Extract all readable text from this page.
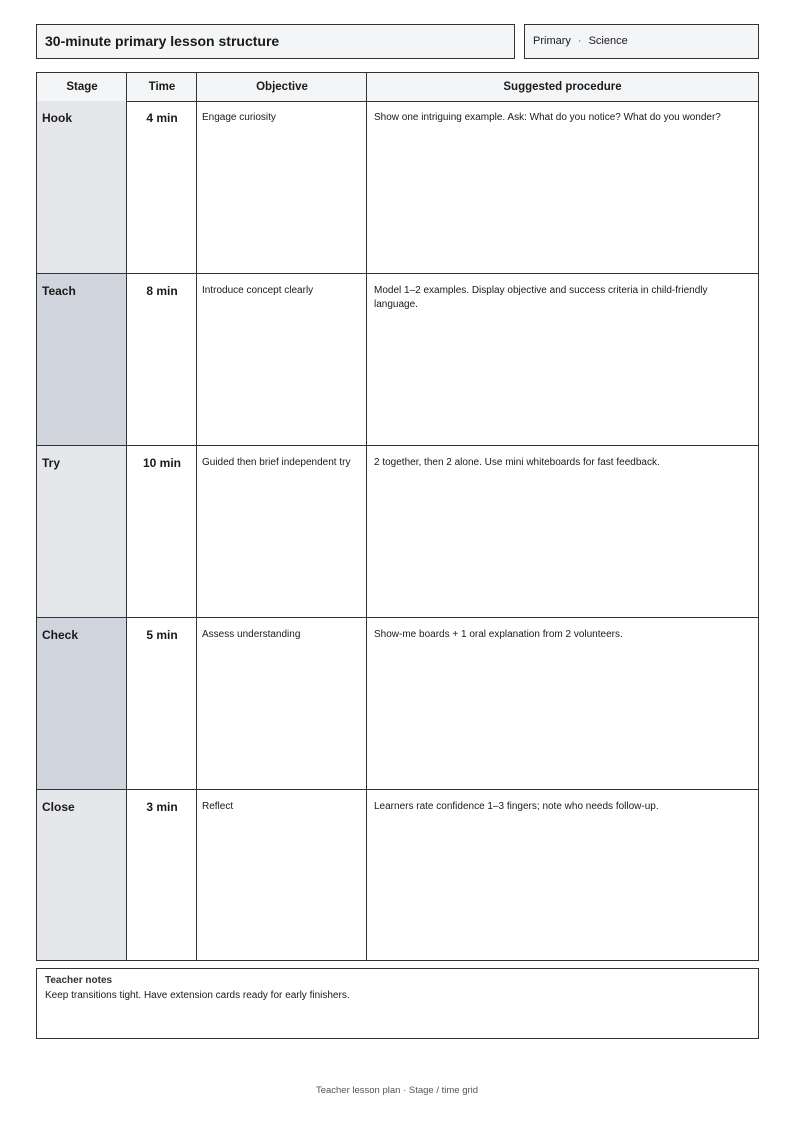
30-minute primary lesson structure	Primary · Science
Stage	Time	Objective	Suggested procedure
Hook	4 min	Engage curiosity	Show one intriguing example. Ask: What do you notice? What do you wonder?
Teach	8 min	Introduce concept clearly	Model 1–2 examples. Display objective and success criteria in child-friendly language.
Try	10 min	Guided then brief independent try	2 together, then 2 alone. Use mini whiteboards for fast feedback.
Check	5 min	Assess understanding	Show-me boards + 1 oral explanation from 2 volunteers.
Close	3 min	Reflect	Learners rate confidence 1–3 fingers; note who needs follow-up.
Teacher notes
Keep transitions tight. Have extension cards ready for early finishers.
Teacher lesson plan · Stage / time grid
